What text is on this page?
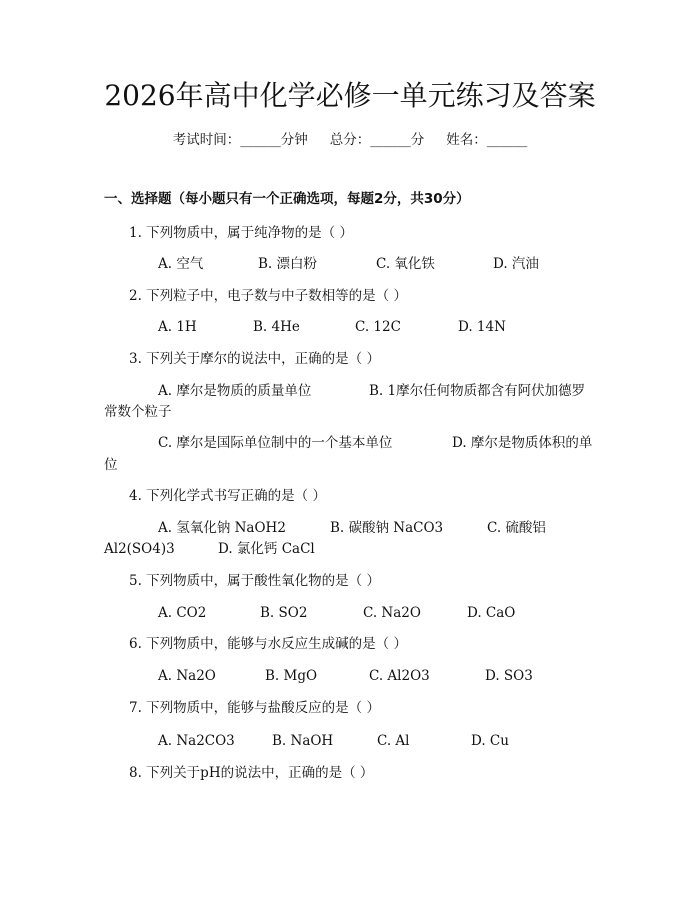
2026年高中化学必修一单元练习及答案
考试时间：______分钟 总分：______分 姓名：______
一、选择题（每小题只有一个正确选项，每题2分，共30分）
1. 下列物质中，属于纯净物的是（ ）
A. 空气	B. 漂白粉	C. 氧化铁	D. 汽油
2. 下列粒子中，电子数与中子数相等的是（ ）
A. 1H	B. 4He	C. 12C	D. 14N
3. 下列关于摩尔的说法中，正确的是（ ）
A. 摩尔是物质的质量单位	B. 1摩尔任何物质都含有阿伏加德罗
常数个粒子
C. 摩尔是国际单位制中的一个基本单位	D. 摩尔是物质体积的单
位
4. 下列化学式书写正确的是（ ）
A. 氢氧化钠 NaOH2	B. 碳酸钠 NaCO3	C. 硫酸铝
Al2(SO4)3	D. 氯化钙 CaCl
5. 下列物质中，属于酸性氧化物的是（ ）
A. CO2	B. SO2	C. Na2O	D. CaO
6. 下列物质中，能够与水反应生成碱的是（ ）
A. Na2O	B. MgO	C. Al2O3	D. SO3
7. 下列物质中，能够与盐酸反应的是（ ）
A. Na2CO3	B. NaOH	C. Al	D. Cu
8. 下列关于pH的说法中，正确的是（ ）
